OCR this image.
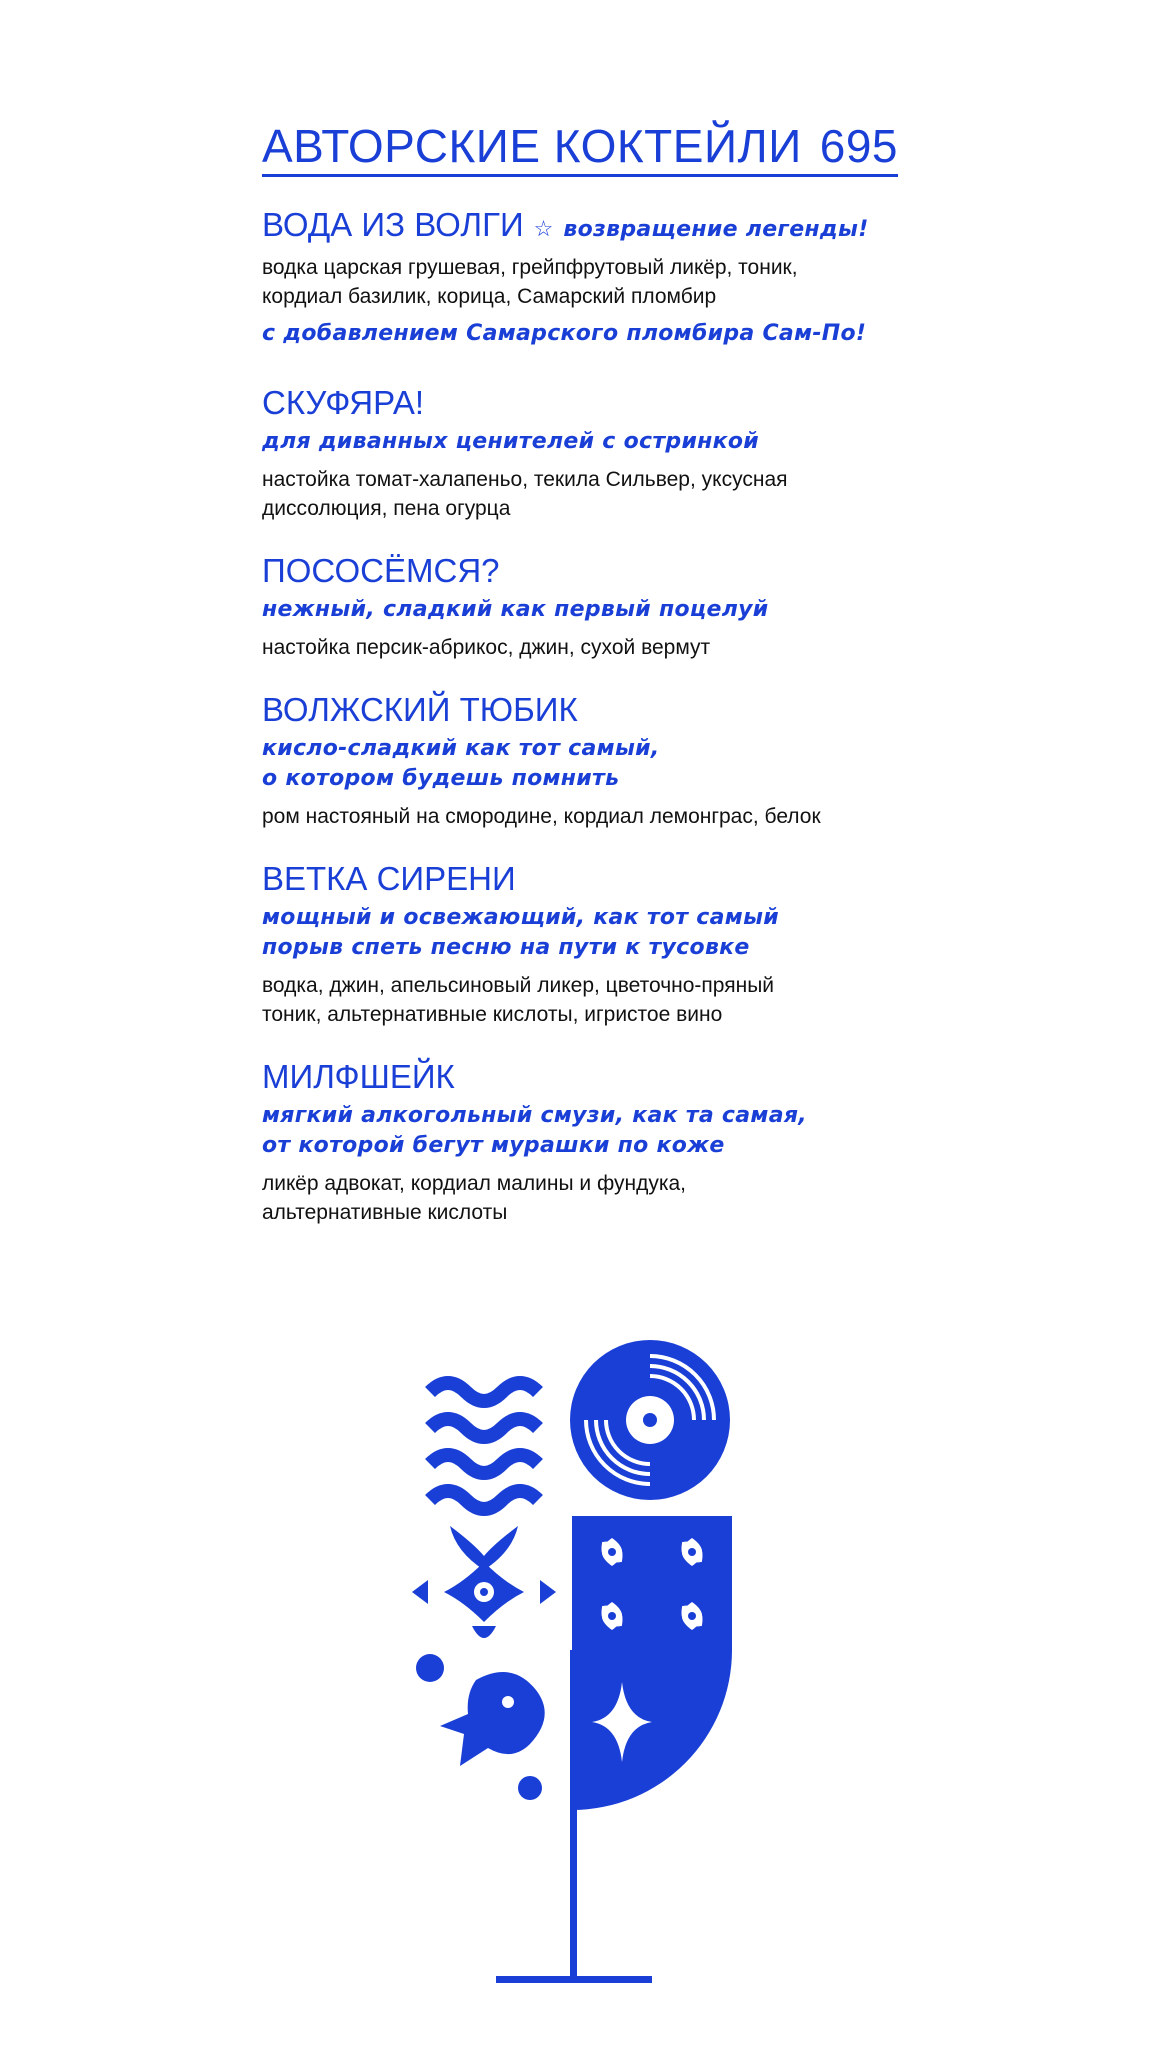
АВТОРСКИЕ КОКТЕЙЛИ 695
ВОДА ИЗ ВОЛГИ ☆ возвращение легенды!
водка царская грушевая, грейпфрутовый ликёр, тоник,
кордиал базилик, корица, Самарский пломбир
с добавлением Самарского пломбира Сам-По!
СКУФЯРА!
для диванных ценителей с остринкой
настойка томат-халапеньо, текила Сильвер, уксусная
диссолюция, пена огурца
ПОСОСЁМСЯ?
нежный, сладкий как первый поцелуй
настойка персик-абрикос, джин, сухой вермут
ВОЛЖСКИЙ ТЮБИК
кисло-сладкий как тот самый,
о котором будешь помнить
ром настояный на смородине, кордиал лемонграс, белок
ВЕТКА СИРЕНИ
мощный и освежающий, как тот самый
порыв спеть песню на пути к тусовке
водка, джин, апельсиновый ликер, цветочно-пряный
тоник, альтернативные кислоты, игристое вино
МИЛФШЕЙК
мягкий алкогольный смузи, как та самая,
от которой бегут мурашки по коже
ликёр адвокат, кордиал малины и фундука,
альтернативные кислоты
